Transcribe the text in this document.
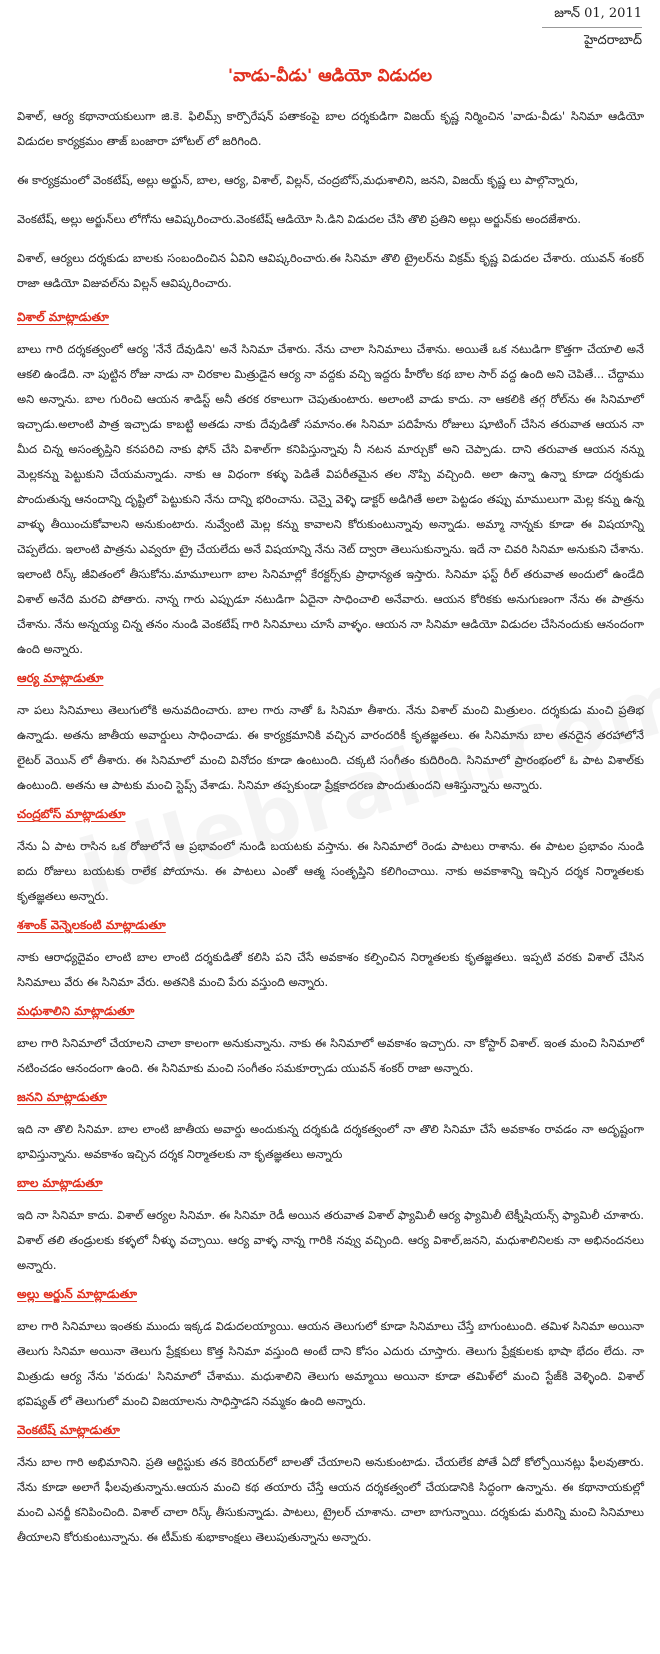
జూన్ 01, 2011
హైదరాబాద్
'వాడు-వీడు' ఆడియో విడుదల

విశాల్, ఆర్య కథానాయకులుగా జి.కె. ఫిలిమ్స్ కార్పొరేషన్ పతాకంపై బాల దర్శకుడిగా విజయ్ కృష్ణ నిర్మించిన 'వాడు-వీడు' సినిమా ఆడియో విడుదల కార్యక్రమం తాజ్ బంజారా హోటల్ లో జరిగింది.

ఈ కార్యక్రమంలో వెంకటేష్, అల్లు అర్జున్, బాల, ఆర్య, విశాల్, విల్లన్, చంద్రబోస్,మధుశాలిని, జనని, విజయ్ కృష్ణ లు పాల్గొన్నారు,

వెంకటేష్, అల్లు అర్జున్‌లు లోగోను ఆవిష్కరించారు.వెంకటేష్ ఆడియో సి.డిని విడుదల చేసి తొలి ప్రతిని అల్లు అర్జున్‌కు అందజేశారు.

విశాల్, ఆర్యలు దర్శకుడు బాలకు సంబందించిన ఏవిని ఆవిష్కరించారు.ఈ సినిమా తొలి ట్రైలర్‌ను విక్రమ్ కృష్ణ విడుదల చేశారు. యువన్ శంకర్ రాజా ఆడియో విజువల్‌ను విల్లన్ ఆవిష్కరించారు.

విశాల్ మాట్లాడుతూ

బాలు గారి దర్శకత్వంలో ఆర్య 'నేనే దేవుడిని' అనే సినిమా చేశారు. నేను చాలా సినిమాలు చేశాను. అయితే ఒక నటుడిగా కొత్తగా చేయాలి అనే ఆకలి ఉండేది. నా పుట్టిన రోజు నాడు నా చిరకాల మిత్రుడైన ఆర్య నా వద్దకు వచ్చి ఇద్దరు హీరోల కథ బాల సార్ వద్ద ఉంది అని చెపితే... చేద్దాము అని అన్నాను. బాల గురించి ఆయన శాడిస్ట్ అనీ తరక రకాలుగా చెపుతుంటారు. అలాంటి వాడు కాదు. నా ఆకలికి తగ్గ రోల్‌ను ఈ సినిమాలో ఇచ్చాడు.అలాంటి పాత్ర ఇచ్చాడు కాబట్టి అతడు నాకు దేవుడితో సమానం.ఈ సినిమా పదిహేను రోజులు షూటింగ్ చేసిన తరువాత ఆయన నా మీద చిన్న అసంతృప్తిని కనపరిచి నాకు ఫోన్ చేసి విశాల్‌గా కనిపిస్తున్నావు నీ నటన మార్చుకో అని చెప్పాడు. దాని తరువాత ఆయన నన్ను మెల్లకన్ను పెట్టుకుని చేయమన్నాడు. నాకు ఆ విధంగా కళ్ళు పెడితే విపరీతమైన తల నొప్పి వచ్చింది. అలా ఉన్నా ఉన్నా కూడా దర్శకుడు పొందుతున్న ఆనందాన్ని దృష్టిలో పెట్టుకుని నేను దాన్ని భరించాను. చెన్నై వెళ్ళి డాక్టర్ అడిగితే అలా పెట్టడం తప్పు మాములుగా మెల్ల కన్ను ఉన్న వాళ్ళు తీయించుకోవాలని అనుకుంటారు. నువ్వేంటి మెల్ల కన్ను కావాలని కోరుకుంటున్నావు అన్నాడు. అమ్మా నాన్నకు కూడా ఈ విషయాన్ని చెప్పలేదు. ఇలాంటి పాత్రను ఎవ్వరూ ట్రై చేయలేదు అనే విషయాన్ని నేను నెట్ ద్వారా తెలుసుకున్నాను. ఇదే నా చివరి సినిమా అనుకుని చేశాను. ఇలాంటి రిస్క్ జీవితంలో తీసుకోను.మామూలుగా బాల సినిమాల్లో కేరక్టర్స్‌కు ప్రాధాన్యత ఇస్తారు. సినిమా ఫస్ట్ రీల్ తరువాత అందులో ఉండేది విశాల్ అనేది మరచి పోతారు. నాన్న గారు ఎప్పుడూ నటుడిగా ఏదైనా సాధించాలి అనేవారు. ఆయన కోరికకు అనుగుణంగా నేను ఈ పాత్రను చేశాను. నేను అన్నయ్య చిన్న తనం నుండి వెంకటేష్ గారి సినిమాలు చూసే వాళ్ళం. ఆయన నా సినిమా ఆడియో విడుదల చేసినందుకు ఆనందంగా ఉంది అన్నారు.

ఆర్య మాట్లాడుతూ

నా పలు సినిమాలు తెలుగులోకి అనువదించారు. బాల గారు నాతో ఓ సినిమా తీశారు. నేను విశాల్ మంచి మిత్రులం. దర్శకుడు మంచి ప్రతిభ ఉన్నాడు. అతను జాతీయ అవార్డులు సాధించాడు. ఈ కార్యక్రమానికి వచ్చిన వారందరికీ కృతజ్ఞతలు. ఈ సినిమాను బాల తనదైన తరహాలోనే లైటర్ వెయిన్ లో తీశారు. ఈ సినిమాలో మంచి వినోదం కూడా ఉంటుంది. చక్కటి సంగీతం కుదిరింది. సినిమాలో ప్రారంభంలో ఓ పాట విశాల్‌కు ఉంటుంది. అతను ఆ పాటకు మంచి స్టెప్స్ వేశాడు. సినిమా తప్పకుండా ప్రేక్షకాదరణ పొందుతుందని ఆశిస్తున్నాను అన్నారు.

చంద్రబోస్ మాట్లాడుతూ

నేను ఏ పాట రాసిన ఒక రోజులోనే ఆ ప్రభావంలో నుండి బయటకు వస్తాను. ఈ సినిమాలో రెండు పాటలు రాశాను. ఈ పాటల ప్రభావం నుండి ఐదు రోజులు బయటకు రాలేక పోయాను. ఈ పాటలు ఎంతో ఆత్మ సంతృప్తిని కలిగించాయి. నాకు అవకాశాన్ని ఇచ్చిన దర్శక నిర్మాతలకు కృతజ్ఞతలు అన్నారు.

శశాంక్ వెన్నెలకంటి మాట్లాడుతూ

నాకు ఆరాధ్యదైవం లాంటి బాల లాంటి దర్శకుడితో కలిసి పని చేసే అవకాశం కల్పించిన నిర్మాతలకు కృతజ్ఞతలు. ఇప్పటి వరకు విశాల్ చేసిన సినిమాలు వేరు ఈ సినిమా వేరు. అతనికి మంచి పేరు వస్తుంది అన్నారు.

మధుశాలిని మాట్లాడుతూ

బాల గారి సినిమాలో చేయాలని చాలా కాలంగా అనుకున్నాను. నాకు ఈ సినిమాలో అవకాశం ఇచ్చారు. నా కోస్టార్ విశాల్. ఇంత మంచి సినిమాలో నటించడం ఆనందంగా ఉంది. ఈ సినిమాకు మంచి సంగీతం సమకూర్చాడు యువన్ శంకర్ రాజా అన్నారు.

జనని మాట్లాడుతూ

ఇది నా తొలి సినిమా. బాల లాంటి జాతీయ అవార్డు అందుకున్న దర్శకుడి దర్శకత్వంలో నా తొలి సినిమా చేసే అవకాశం రావడం నా అదృష్టంగా భావిస్తున్నాను. అవకాశం ఇచ్చిన దర్శక నిర్మాతలకు నా కృతజ్ఞతలు అన్నారు

బాల మాట్లాడుతూ

ఇది నా సినిమా కాదు. విశాల్ ఆర్యల సినిమా. ఈ సినిమా రెడీ అయిన తరువాత విశాల్ ఫ్యామిలీ ఆర్య ఫ్యామిలీ టెక్నీషియన్స్ ఫ్యామిలీ చూశారు. విశాల్ తలి తండ్రులకు కళ్ళలో నీళ్ళు వచ్చాయి. ఆర్య వాళ్ళ నాన్న గారికి నవ్వు వచ్చింది. ఆర్య విశాల్,జనని, మధుశాలినిలకు నా అభినందనలు అన్నారు.

అల్లు అర్జున్ మాట్లాడుతూ

బాల గారి సినిమాలు ఇంతకు ముందు ఇక్కడ విడుదలయ్యాయి. ఆయన తెలుగులో కూడా సినిమాలు చేస్తే బాగుంటుంది. తమిళ సినిమా అయినా తెలుగు సినిమా అయినా తెలుగు ప్రేక్షకులు కొత్త సినిమా వస్తుంది అంటే దాని కోసం ఎదురు చూస్తారు. తెలుగు ప్రేక్షకులకు భాషా భేదం లేదు. నా మిత్రుడు ఆర్య నేను 'వరుడు' సినిమాలో చేశాము. మధుశాలిని తెలుగు అమ్మాయి అయినా కూడా తమిళ్‌లో మంచి స్టేజ్‌కి వెళ్ళింది. విశాల్ భవిష్యత్ లో తెలుగులో మంచి విజయాలను సాధిస్తాడని నమ్మకం ఉంది అన్నారు.

వెంకటేష్ మాట్లాడుతూ

నేను బాల గారి అభిమానిని. ప్రతి ఆర్టిస్టుకు తన కెరియర్‌లో బాలతో చేయాలని అనుకుంటాడు. చేయలేక పోతే ఏదో కోల్పోయినట్లు ఫీలవుతారు. నేను కూడా అలాగే ఫీలవుతున్నాను.ఆయన మంచి కథ తయారు చేస్తే ఆయన దర్శకత్వంలో చేయడానికి సిద్ధంగా ఉన్నాను. ఈ కథానాయకుల్లో మంచి ఎనర్జీ కనిపించింది. విశాల్ చాలా రిస్క్ తీసుకున్నాడు. పాటలు, ట్రైలర్ చూశాను. చాలా బాగున్నాయి. దర్శకుడు మరిన్ని మంచి సినిమాలు తీయాలని కోరుకుంటున్నాను. ఈ టీమ్‌కు శుభాకాంక్షలు తెలుపుతున్నాను అన్నారు.
